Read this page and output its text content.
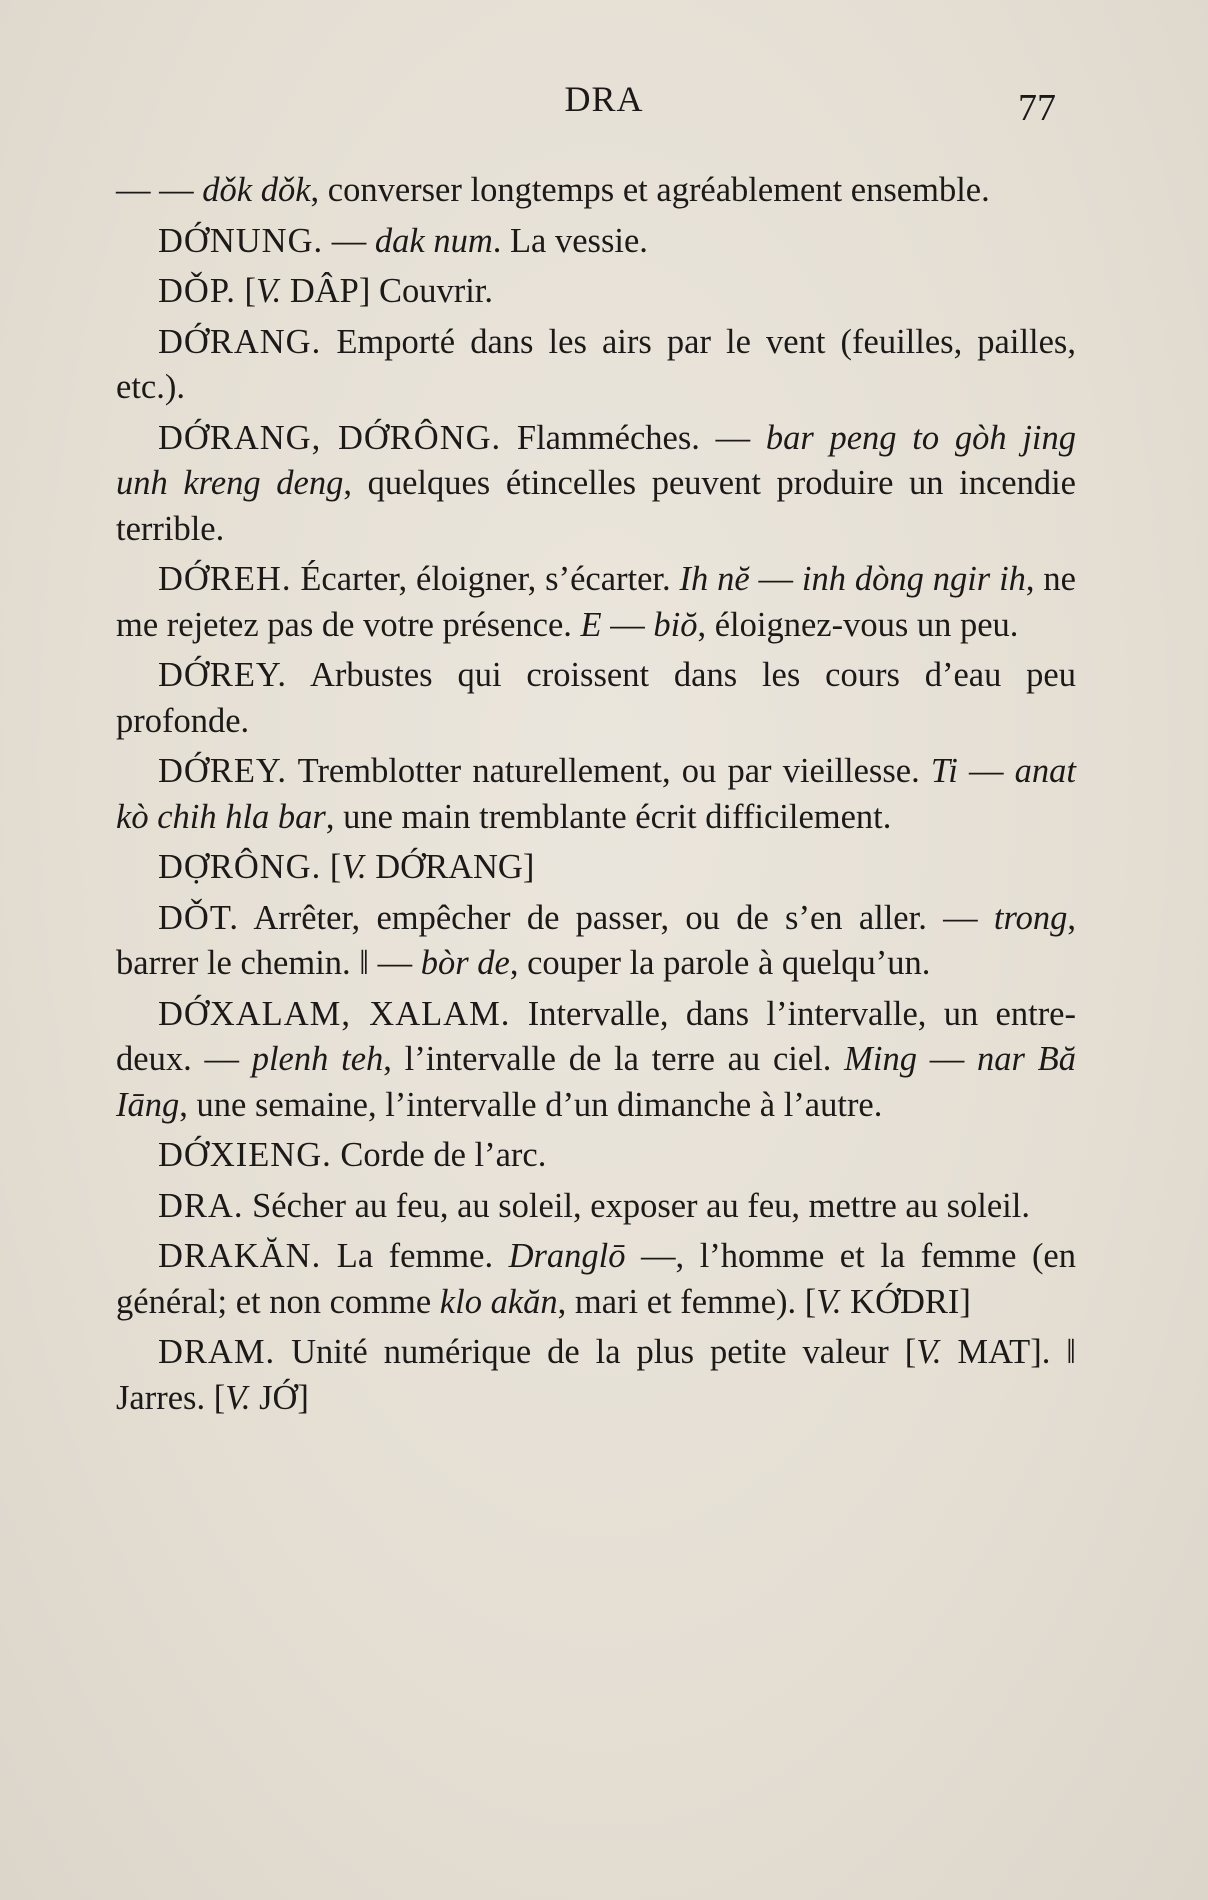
DRA	77

— — dǒk dǒk, converser longtemps et agréablement ensemble.

DỚNUNG. — dak num. La vessie.

DǑP. [V. DÂP] Couvrir.

DỚRANG. Emporté dans les airs par le vent (feuilles, pailles, etc.).

DỚRANG, DỚRÔNG. Flamméches. — bar peng to gòh jing unh kreng deng, quelques étincelles peuvent produire un incendie terrible.

DỚREH. Écarter, éloigner, s’écarter. Ih nĕ — inh dòng ngir ih, ne me rejetez pas de votre présence. E — biŏ, éloignez-vous un peu.

DỚREY. Arbustes qui croissent dans les cours d’eau peu profonde.

DỚREY. Tremblotter naturellement, ou par vieillesse. Ti — anat kò chih hla bar, une main tremblante écrit difficilement.

DỢRÔNG. [V. DỚRANG]

DǑT. Arrêter, empêcher de passer, ou de s’en aller. — trong, barrer le chemin. ‖ — bòr de, couper la parole à quelqu’un.

DỚXALAM, XALAM. Intervalle, dans l’intervalle, un entre-deux. — plenh teh, l’intervalle de la terre au ciel. Ming — nar Bă Iāng, une semaine, l’intervalle d’un dimanche à l’autre.

DỚXIENG. Corde de l’arc.

DRA. Sécher au feu, au soleil, exposer au feu, mettre au soleil.

DRAKĂN. La femme. Dranglō —, l’homme et la femme (en général; et non comme klo akăn, mari et femme). [V. KỚDRI]

DRAM. Unité numérique de la plus petite valeur [V. MAT]. ‖ Jarres. [V. JỚ]
